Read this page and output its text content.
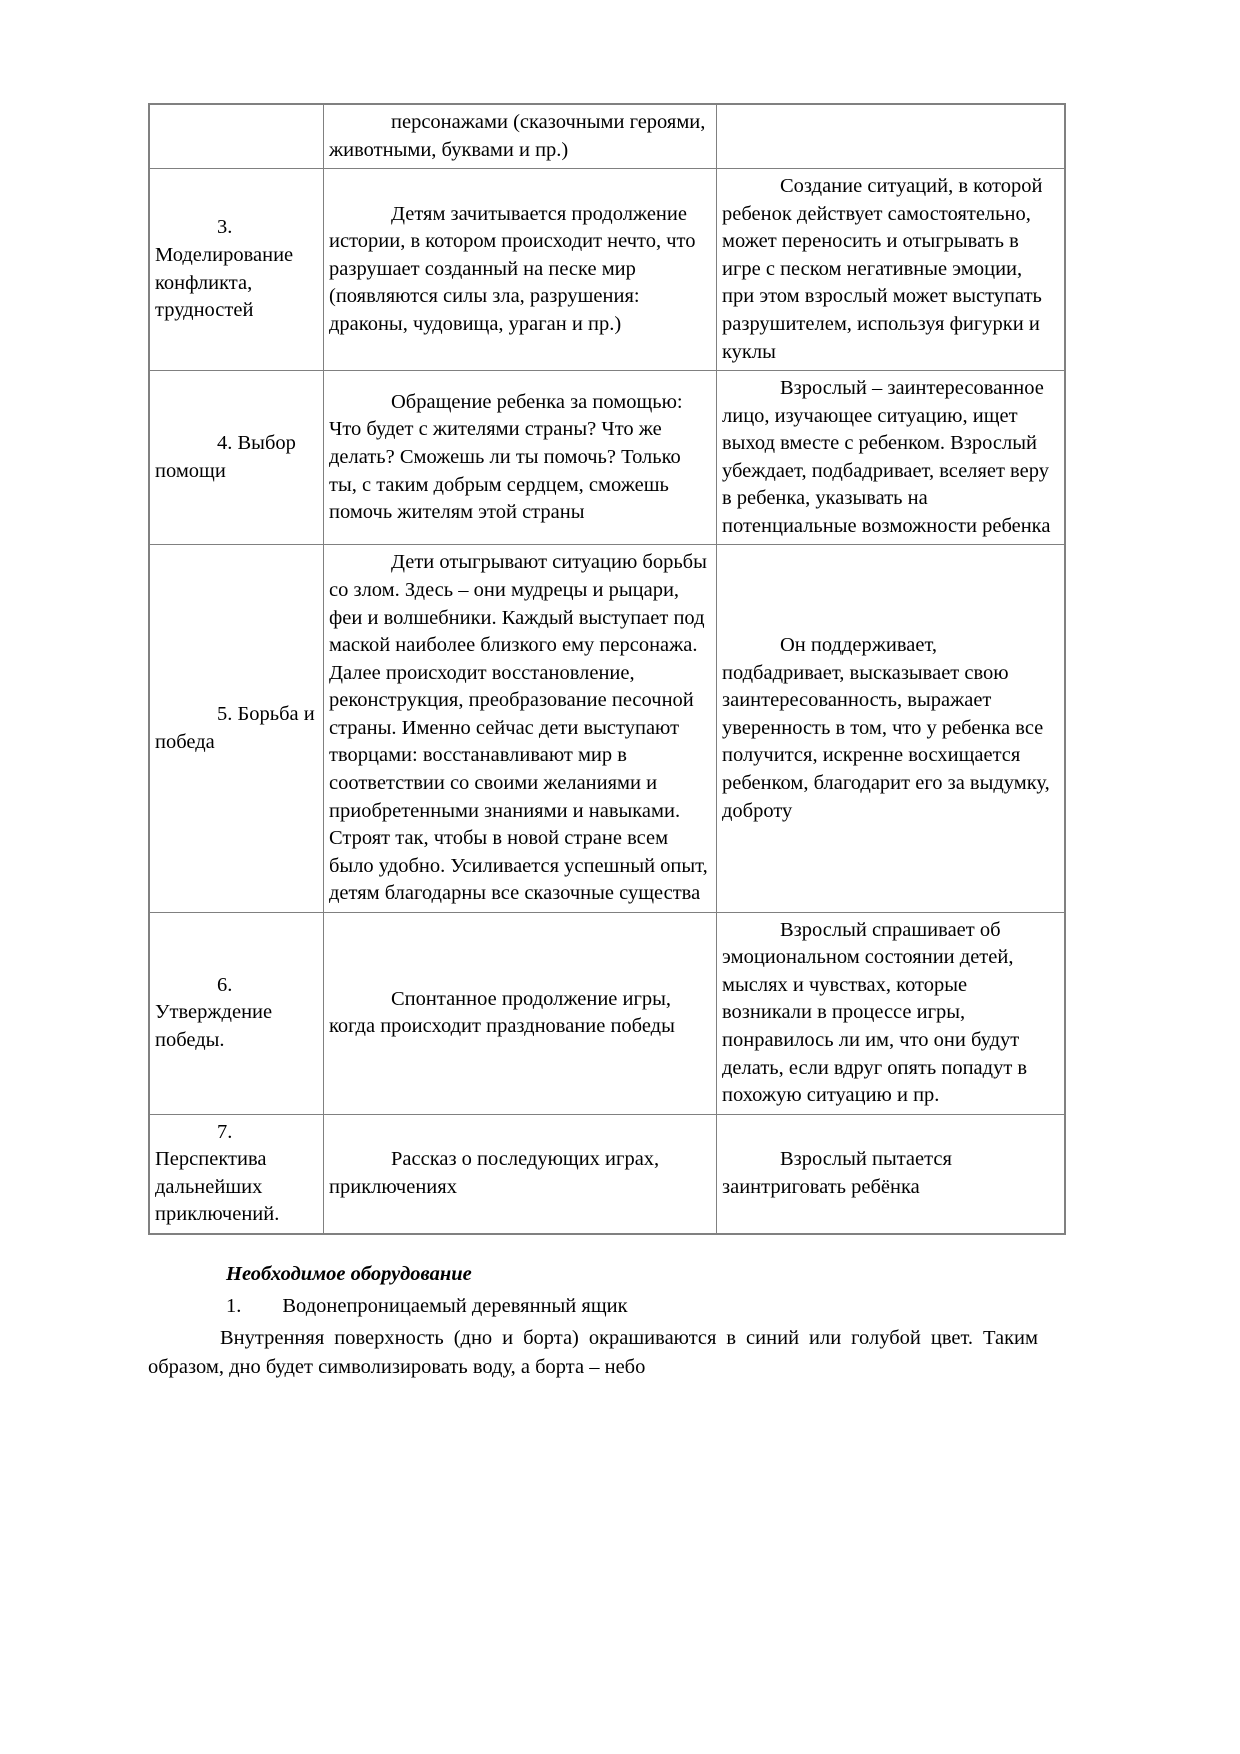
	персонажами (сказочными героями, животными, буквами и пр.)	

3. Моделирование конфликта, трудностей	Детям зачитывается продолжение истории, в котором происходит нечто, что разрушает созданный на песке мир (появляются силы зла, разрушения: драконы, чудовища, ураган и пр.)	Создание ситуаций, в которой ребенок действует самостоятельно, может переносить и отыгрывать в игре с песком негативные эмоции, при этом взрослый может выступать разрушителем, используя фигурки и куклы

4. Выбор помощи	Обращение ребенка за помощью: Что будет с жителями страны? Что же делать? Сможешь ли ты помочь? Только ты, с таким добрым сердцем, сможешь помочь жителям этой страны	Взрослый – заинтересованное лицо, изучающее ситуацию, ищет выход вместе с ребенком. Взрослый убеждает, подбадривает, вселяет веру в ребенка, указывать на потенциальные возможности ребенка

5. Борьба и победа	Дети отыгрывают ситуацию борьбы со злом. Здесь – они мудрецы и рыцари, феи и волшебники. Каждый выступает под маской наиболее близкого ему персонажа. Далее происходит восстановление, реконструкция, преобразование песочной страны. Именно сейчас дети выступают творцами: восстанавливают мир в соответствии со своими желаниями и приобретенными знаниями и навыками. Строят так, чтобы в новой стране всем было удобно. Усиливается успешный опыт, детям благодарны все сказочные существа	Он поддерживает, подбадривает, высказывает свою заинтересованность, выражает уверенность в том, что у ребенка все получится, искренне восхищается ребенком, благодарит его за выдумку, доброту

6. Утверждение победы.	Спонтанное продолжение игры, когда происходит празднование победы	Взрослый спрашивает об эмоциональном состоянии детей, мыслях и чувствах, которые возникали в процессе игры, понравилось ли им, что они будут делать, если вдруг опять попадут в похожую ситуацию и пр.

7. Перспектива дальнейших приключений.	Рассказ о последующих играх, приключениях	Взрослый пытается заинтриговать ребёнка

Необходимое оборудование

1. Водонепроницаемый деревянный ящик

Внутренняя поверхность (дно и борта) окрашиваются в синий или голубой цвет. Таким образом, дно будет символизировать воду, а борта – небо
